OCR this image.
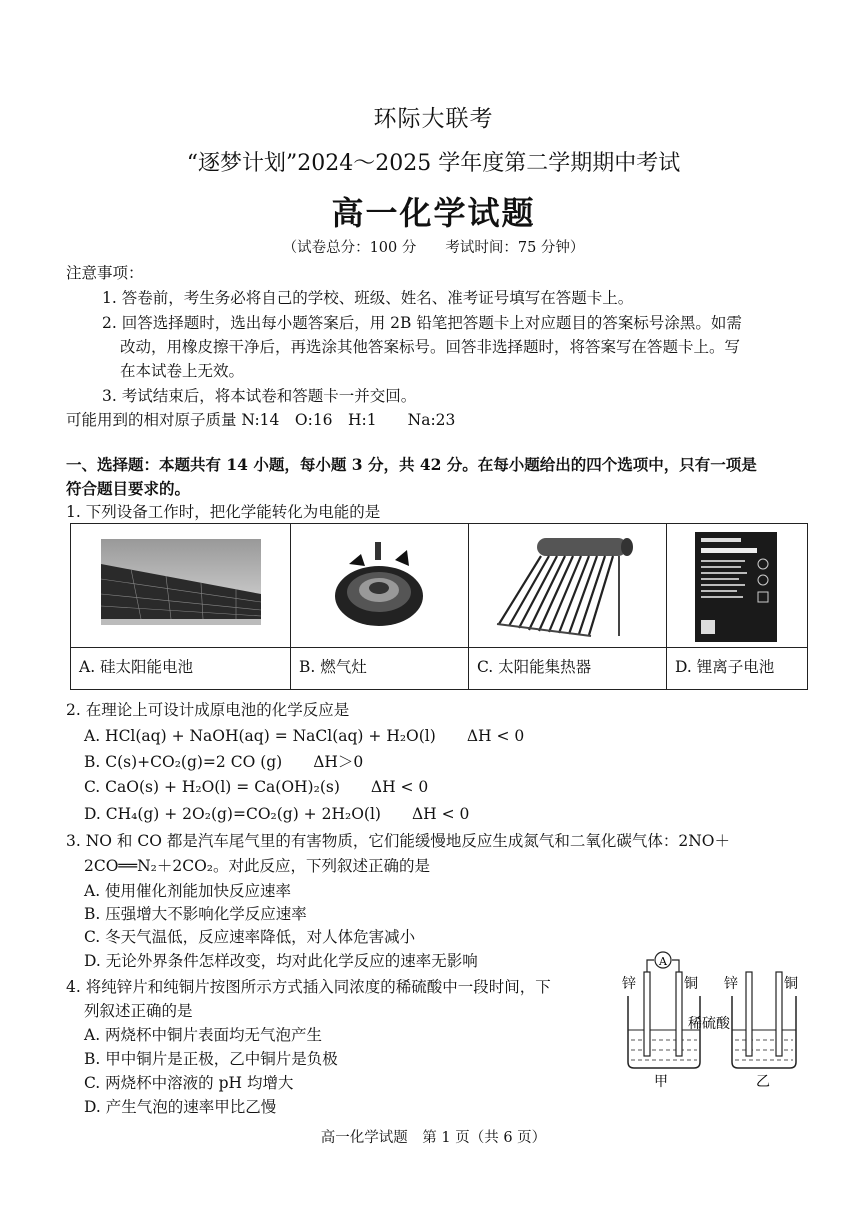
环际大联考
“逐梦计划”2024～2025 学年度第二学期期中考试
高一化学试题
（试卷总分：100 分　　考试时间：75 分钟）
注意事项：
1. 答卷前，考生务必将自己的学校、班级、姓名、准考证号填写在答题卡上。
2. 回答选择题时，选出每小题答案后，用 2B 铅笔把答题卡上对应题目的答案标号涂黑。如需
改动，用橡皮擦干净后，再选涂其他答案标号。回答非选择题时，将答案写在答题卡上。写
在本试卷上无效。
3. 考试结束后，将本试卷和答题卡一并交回。
可能用到的相对原子质量 N:14　O:16　H:1　　Na:23
一、选择题：本题共有 14 小题，每小题 3 分，共 42 分。在每小题给出的四个选项中，只有一项是
符合题目要求的。
1. 下列设备工作时，把化学能转化为电能的是
A. 硅太阳能电池	B. 燃气灶	C. 太阳能集热器	D. 锂离子电池
2. 在理论上可设计成原电池的化学反应是
A. HCl(aq) + NaOH(aq) = NaCl(aq) + H₂O(l)　　ΔH < 0
B. C(s)+CO₂(g)=2 CO (g)　　ΔH＞0
C. CaO(s) + H₂O(l) = Ca(OH)₂(s)　　ΔH < 0
D. CH₄(g) + 2O₂(g)=CO₂(g) + 2H₂O(l)　　ΔH < 0
3. NO 和 CO 都是汽车尾气里的有害物质，它们能缓慢地反应生成氮气和二氧化碳气体：2NO＋
2CO══N₂＋2CO₂。对此反应，下列叙述正确的是
A. 使用催化剂能加快反应速率
B. 压强增大不影响化学反应速率
C. 冬天气温低，反应速率降低，对人体危害减小
D. 无论外界条件怎样改变，均对此化学反应的速率无影响
4. 将纯锌片和纯铜片按图所示方式插入同浓度的稀硫酸中一段时间，下
列叙述正确的是
A. 两烧杯中铜片表面均无气泡产生
B. 甲中铜片是正极，乙中铜片是负极
C. 两烧杯中溶液的 pH 均增大
D. 产生气泡的速率甲比乙慢
A
锌	铜
稀硫酸
甲
锌	铜
乙
高一化学试题　第 1 页（共 6 页）
